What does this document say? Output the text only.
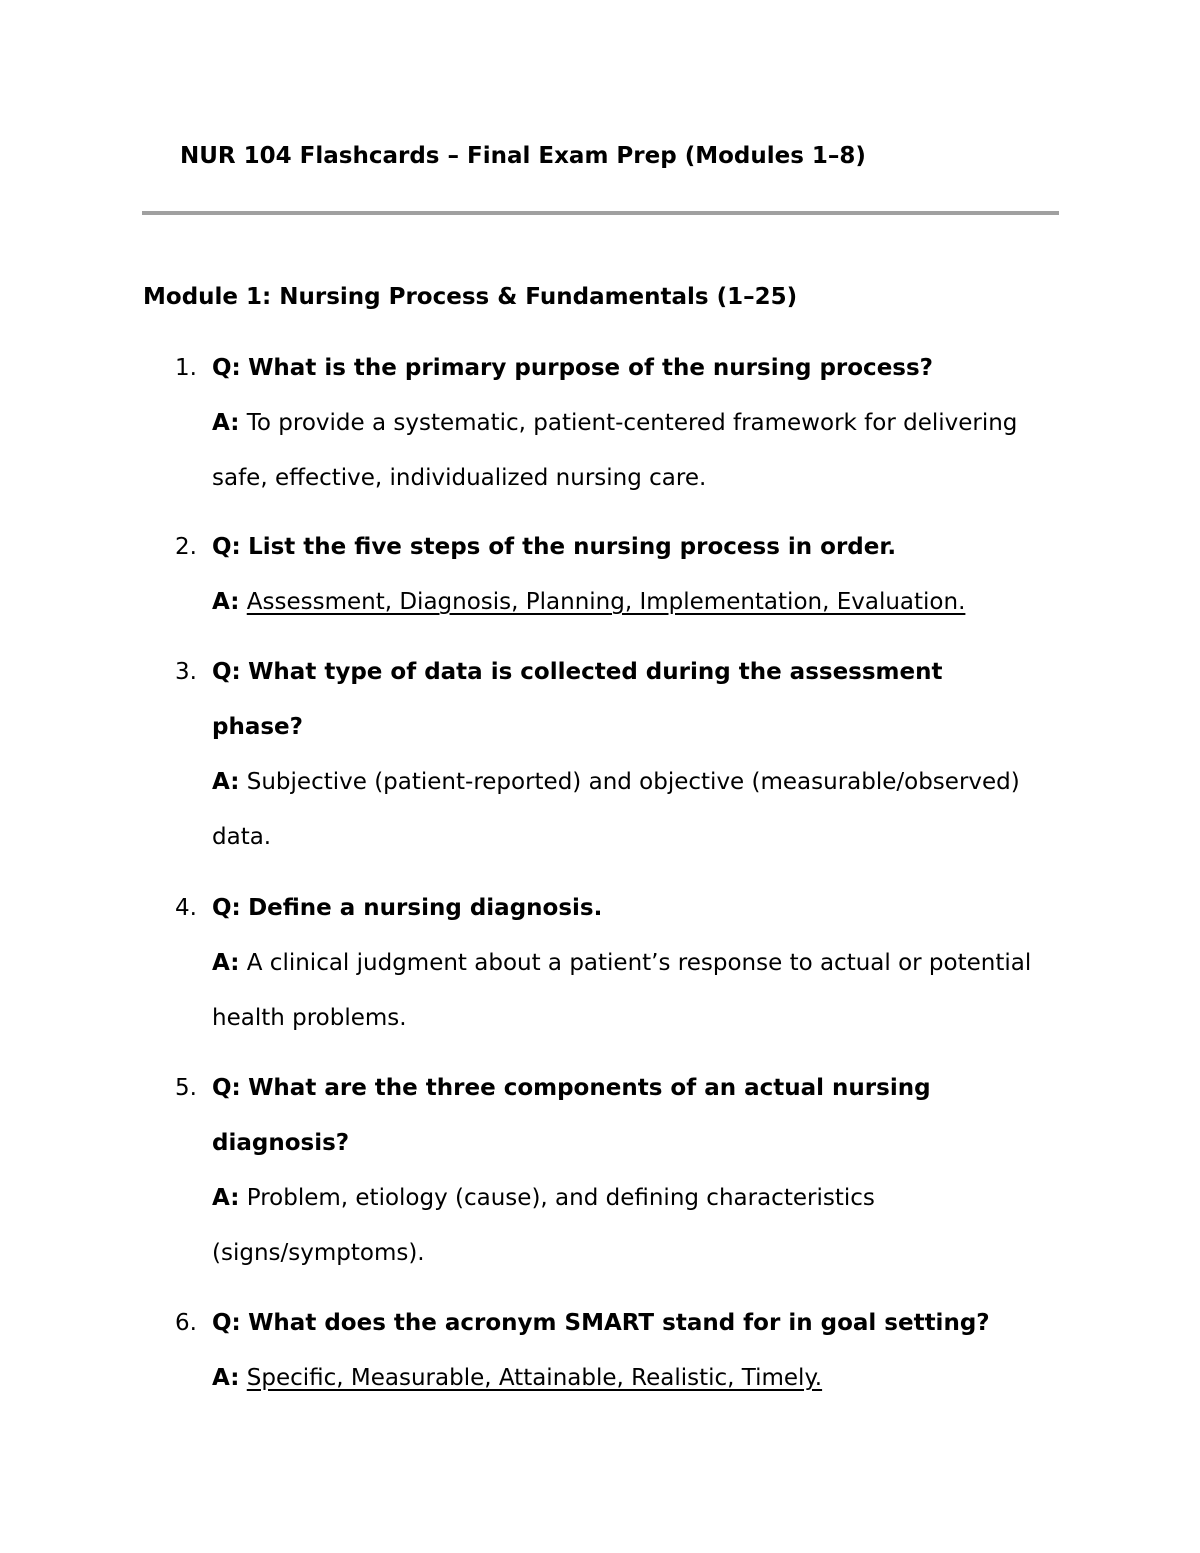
NUR 104 Flashcards – Final Exam Prep (Modules 1–8)
Module 1: Nursing Process & Fundamentals (1–25)
1. Q: What is the primary purpose of the nursing process?
A: To provide a systematic, patient-centered framework for delivering
safe, effective, individualized nursing care.
2. Q: List the five steps of the nursing process in order.
A: Assessment, Diagnosis, Planning, Implementation, Evaluation.
3. Q: What type of data is collected during the assessment
phase?
A: Subjective (patient-reported) and objective (measurable/observed)
data.
4. Q: Define a nursing diagnosis.
A: A clinical judgment about a patient’s response to actual or potential
health problems.
5. Q: What are the three components of an actual nursing
diagnosis?
A: Problem, etiology (cause), and defining characteristics
(signs/symptoms).
6. Q: What does the acronym SMART stand for in goal setting?
A: Specific, Measurable, Attainable, Realistic, Timely.
